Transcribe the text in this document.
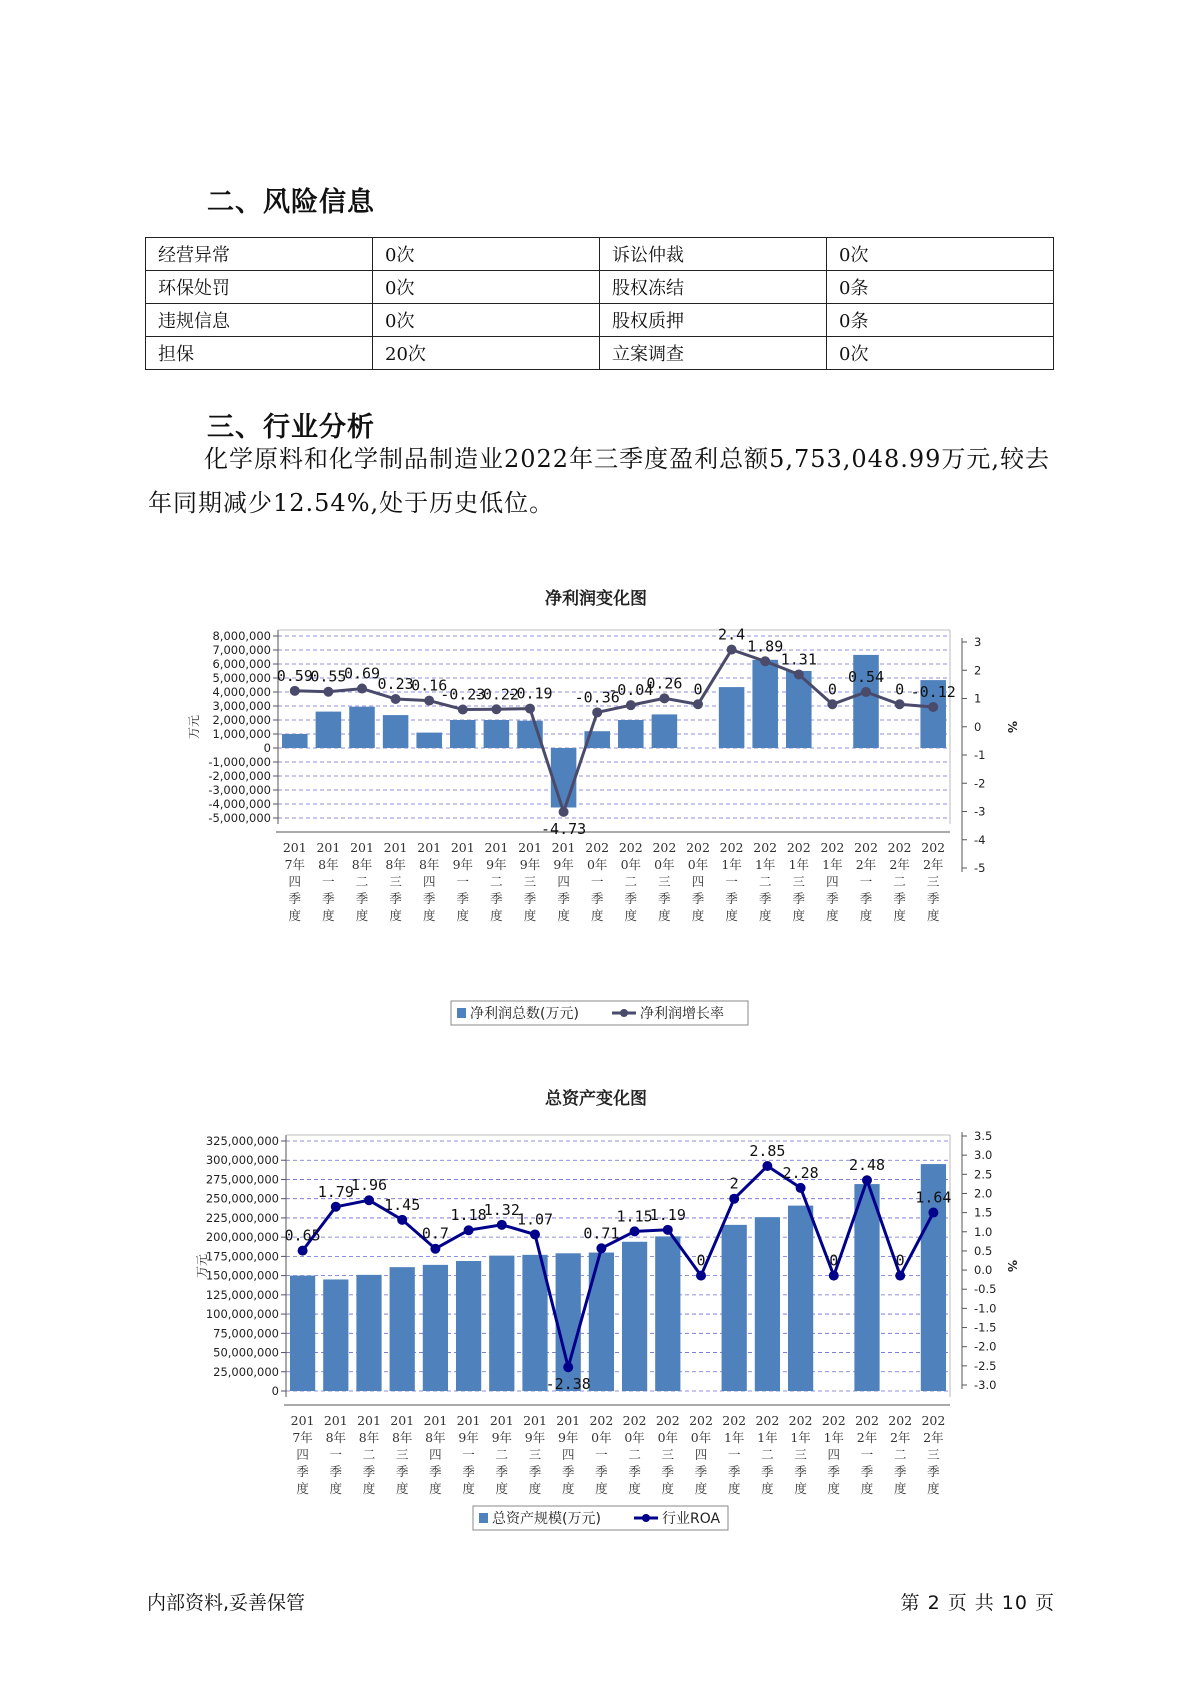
二、风险信息
经营异常	0次	诉讼仲裁	0次
环保处罚	0次	股权冻结	0条
违规信息	0次	股权质押	0条
担保	20次	立案调查	0次
三、行业分析
化学原料和化学制品制造业2022年三季度盈利总额5,753,048.99万元,较去年同期减少12.54%,处于历史低位。
净利润变化图
8,000,000
7,000,000
6,000,000
5,000,000
4,000,000
3,000,000
2,000,000
1,000,000
0
-1,000,000
-2,000,000
-3,000,000
-4,000,000
-5,000,000
3
2
1
0
-1
-2
-3
-4
-5
万元	%
0.59
0.55
0.69
0.23
0.16
-0.23
-0.22
-0.19
-4.73
-0.36
-0.04
0.26 0
2.4
1.89
1.31
0
0.54
0 -0.12
201
7年
四
季
度
201
8年
一
季
度
201
8年
二
季
度
201
8年
三
季
度
201
8年
四
季
度
201
9年
一
季
度
201
9年
二
季
度
201
9年
三
季
度
201
9年
四
季
度
202
0年
一
季
度
202
0年
二
季
度
202
0年
三
季
度
202
0年
四
季
度
202
1年
一
季
度
202
1年
二
季
度
202
1年
三
季
度
202
1年
四
季
度
202
2年
一
季
度
202
2年
二
季
度
202
2年
三
季
度
净利润总数(万元)	净利润增长率
总资产变化图
325,000,000
300,000,000
275,000,000
250,000,000
225,000,000
200,000,000
175,000,000
150,000,000
125,000,000
100,000,000
75,000,000
50,000,000
25,000,000
0
3.5
3.0
2.5
2.0
1.5
1.0
0.5
0.0
-0.5
-1.0
-1.5
-2.0
-2.5
-3.0
万元	%
0.65
1.79
1.96
1.45
0.7
1.18
1.32
1.07
-2.38
0.71
1.15
1.19
0
2
2.85
2.28
0
2.48
0
1.64
201
7年
四
季
度
201
8年
一
季
度
201
8年
二
季
度
201
8年
三
季
度
201
8年
四
季
度
201
9年
一
季
度
201
9年
二
季
度
201
9年
三
季
度
201
9年
四
季
度
202
0年
一
季
度
202
0年
二
季
度
202
0年
三
季
度
202
0年
四
季
度
202
1年
一
季
度
202
1年
二
季
度
202
1年
三
季
度
202
1年
四
季
度
202
2年
一
季
度
202
2年
二
季
度
202
2年
三
季
度
总资产规模(万元)	行业ROA
内部资料,妥善保管	第 2 页 共 10 页
